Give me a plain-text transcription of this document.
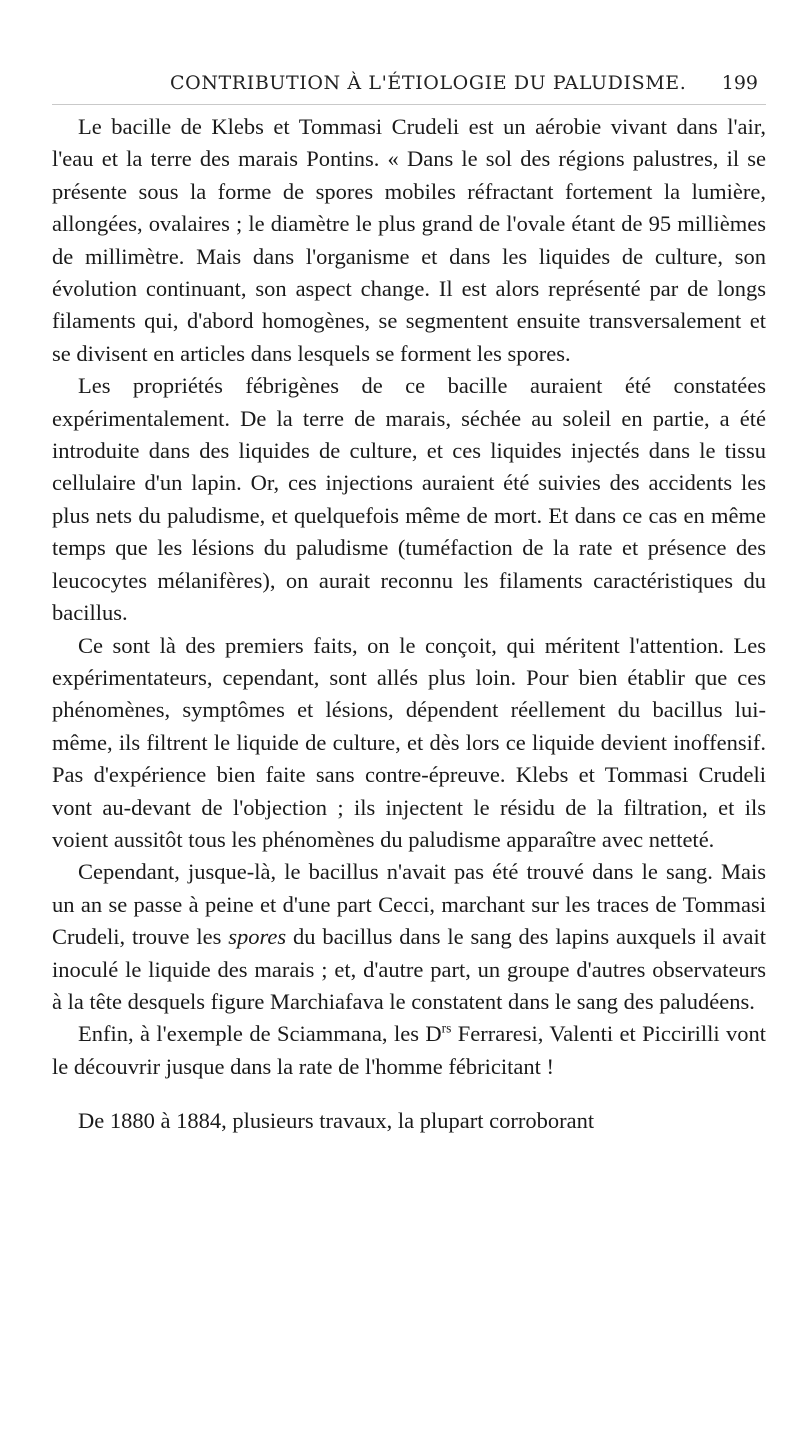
CONTRIBUTION À L'ÉTIOLOGIE DU PALUDISME. 199

Le bacille de Klebs et Tommasi Crudeli est un aérobie vivant dans l'air, l'eau et la terre des marais Pontins. « Dans le sol des régions palustres, il se présente sous la forme de spores mobiles réfractant fortement la lumière, allongées, ovalaires ; le diamètre le plus grand de l'ovale étant de 95 millièmes de millimètre. Mais dans l'organisme et dans les liquides de culture, son évolution continuant, son aspect change. Il est alors représenté par de longs filaments qui, d'abord homogènes, se segmentent ensuite transversalement et se divisent en articles dans lesquels se forment les spores.

Les propriétés fébrigènes de ce bacille auraient été constatées expérimentalement. De la terre de marais, séchée au soleil en partie, a été introduite dans des liquides de culture, et ces liquides injectés dans le tissu cellulaire d'un lapin. Or, ces injections auraient été suivies des accidents les plus nets du paludisme, et quelquefois même de mort. Et dans ce cas en même temps que les lésions du paludisme (tuméfaction de la rate et présence des leucocytes mélanifères), on aurait reconnu les filaments caractéristiques du bacillus.

Ce sont là des premiers faits, on le conçoit, qui méritent l'attention. Les expérimentateurs, cependant, sont allés plus loin. Pour bien établir que ces phénomènes, symptômes et lésions, dépendent réellement du bacillus lui-même, ils filtrent le liquide de culture, et dès lors ce liquide devient inoffensif. Pas d'expérience bien faite sans contre-épreuve. Klebs et Tommasi Crudeli vont au-devant de l'objection ; ils injectent le résidu de la filtration, et ils voient aussitôt tous les phénomènes du paludisme apparaître avec netteté.

Cependant, jusque-là, le bacillus n'avait pas été trouvé dans le sang. Mais un an se passe à peine et d'une part Cecci, marchant sur les traces de Tommasi Crudeli, trouve les spores du bacillus dans le sang des lapins auxquels il avait inoculé le liquide des marais ; et, d'autre part, un groupe d'autres observateurs à la tête desquels figure Marchiafava le constatent dans le sang des paludéens.

Enfin, à l'exemple de Sciammana, les $D^{rs}$ Ferraresi, Valenti et Piccirilli vont le découvrir jusque dans la rate de l'homme fébricitant !

De 1880 à 1884, plusieurs travaux, la plupart corroborant
